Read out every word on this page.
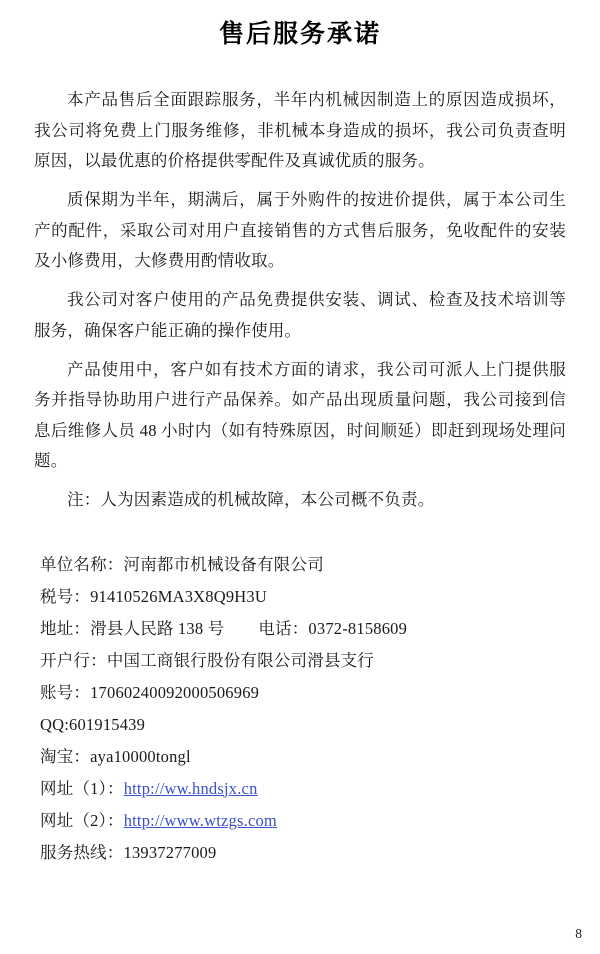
售后服务承诺

本产品售后全面跟踪服务，半年内机械因制造上的原因造成损坏，我公司将免费上门服务维修，非机械本身造成的损坏，我公司负责查明原因，以最优惠的价格提供零配件及真诚优质的服务。

质保期为半年，期满后，属于外购件的按进价提供，属于本公司生产的配件，采取公司对用户直接销售的方式售后服务，免收配件的安装及小修费用，大修费用酌情收取。

我公司对客户使用的产品免费提供安装、调试、检查及技术培训等服务，确保客户能正确的操作使用。

产品使用中，客户如有技术方面的请求，我公司可派人上门提供服务并指导协助用户进行产品保养。如产品出现质量问题，我公司接到信息后维修人员 48 小时内（如有特殊原因，时间顺延）即赶到现场处理问题。

注：人为因素造成的机械故障，本公司概不负责。

单位名称：河南都市机械设备有限公司
税号：91410526MA3X8Q9H3U
地址：滑县人民路 138 号 电话：0372-8158609
开户行：中国工商银行股份有限公司滑县支行
账号：17060240092000506969
QQ:601915439
淘宝：aya10000tongl
网址（1）：http://ww.hndsjx.cn
网址（2）：http://www.wtzgs.com
服务热线：13937277009
8
